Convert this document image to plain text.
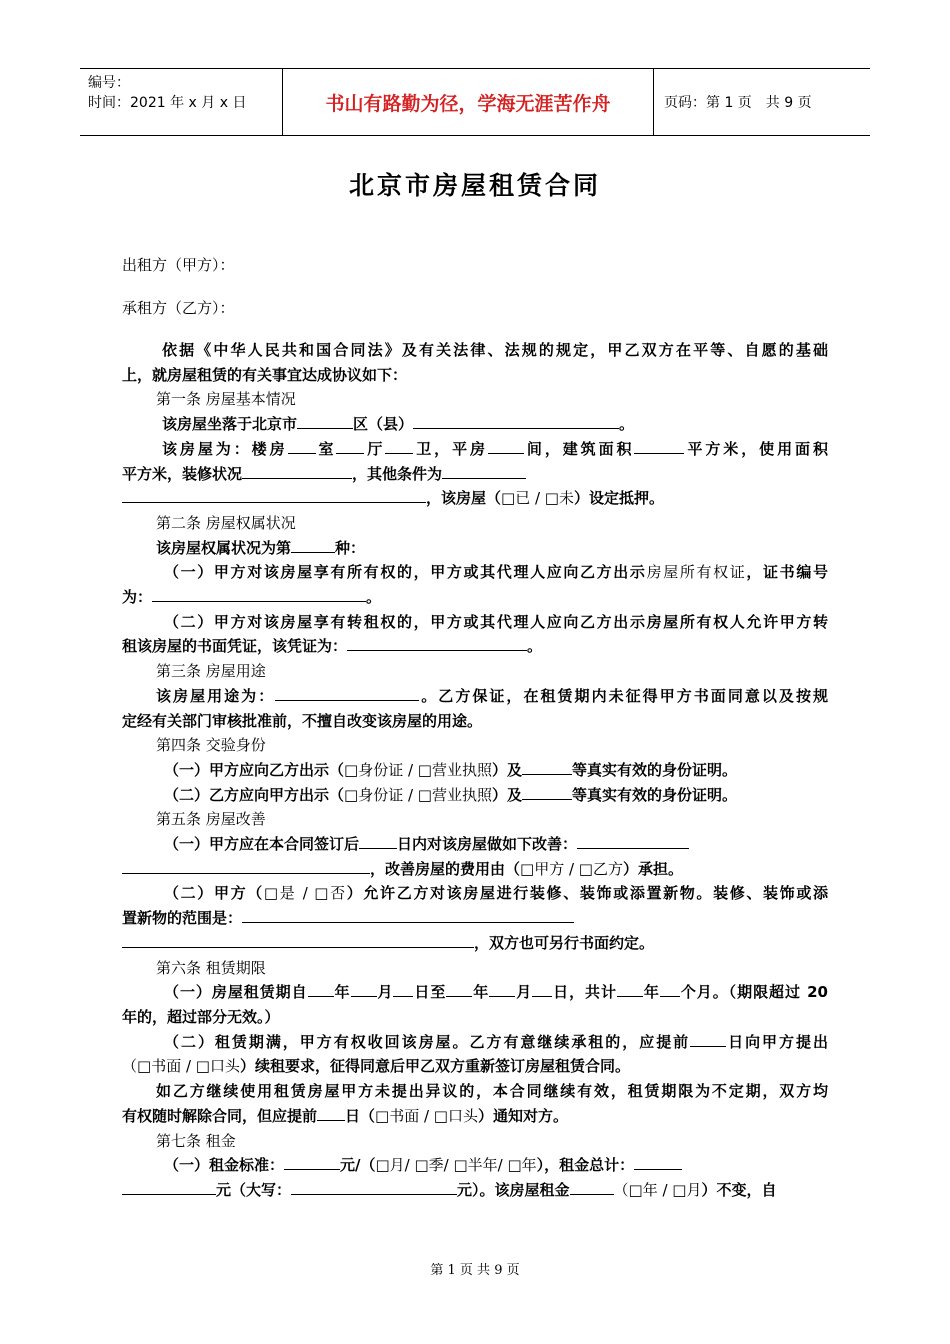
编号：
时间：2021 年 x 月 x 日	书山有路勤为径，学海无涯苦作舟	页码：第 1 页　共 9 页
北京市房屋租赁合同
出租方（甲方）：
承租方（乙方）：

依据《中华人民共和国合同法》及有关法律、法规的规定，甲乙双方在平等、自愿的基础

上，就房屋租赁的有关事宜达成协议如下：

第一条 房屋基本情况

该房屋坐落于北京市	区（县）	。

该房屋为：楼房 室 厅 卫，平房 间，建筑面积	平方米，使用面积

平方米，装修状况	，其他条件为

，该房屋（□已 / □未）设定抵押。

第二条 房屋权属状况

该房屋权属状况为第	种：

（一）甲方对该房屋享有所有权的，甲方或其代理人应向乙方出示房屋所有权证，证书编号

为：	。

（二）甲方对该房屋享有转租权的，甲方或其代理人应向乙方出示房屋所有权人允许甲方转

租该房屋的书面凭证，该凭证为：	。

第三条 房屋用途

该房屋用途为：	。乙方保证，在租赁期内未征得甲方书面同意以及按规

定经有关部门审核批准前，不擅自改变该房屋的用途。

第四条 交验身份

（一）甲方应向乙方出示（□身份证 / □营业执照）及	等真实有效的身份证明。

（二）乙方应向甲方出示（□身份证 / □营业执照）及	等真实有效的身份证明。

第五条 房屋改善

（一）甲方应在本合同签订后	日内对该房屋做如下改善：

，改善房屋的费用由（□甲方 / □乙方）承担。

（二）甲方（□是 / □否）允许乙方对该房屋进行装修、装饰或添置新物。装修、装饰或添

置新物的范围是：

，双方也可另行书面约定。

第六条 租赁期限

（一）房屋租赁期自 年 月 日至 年 月 日，共计 年 个月。（期限超过 20

年的，超过部分无效。）

（二）租赁期满，甲方有权收回该房屋。乙方有意继续承租的，应提前 日向甲方提出

（□书面 / □口头）续租要求，征得同意后甲乙双方重新签订房屋租赁合同。

如乙方继续使用租赁房屋甲方未提出异议的，本合同继续有效，租赁期限为不定期，双方均

有权随时解除合同，但应提前 日（□书面 / □口头）通知对方。

第七条 租金

（一）租金标准：	元/（□月/ □季/ □半年/ □年），租金总计：

元（大写：	元）。该房屋租金	（□年 / □月）不变，自

第 1 页 共 9 页
